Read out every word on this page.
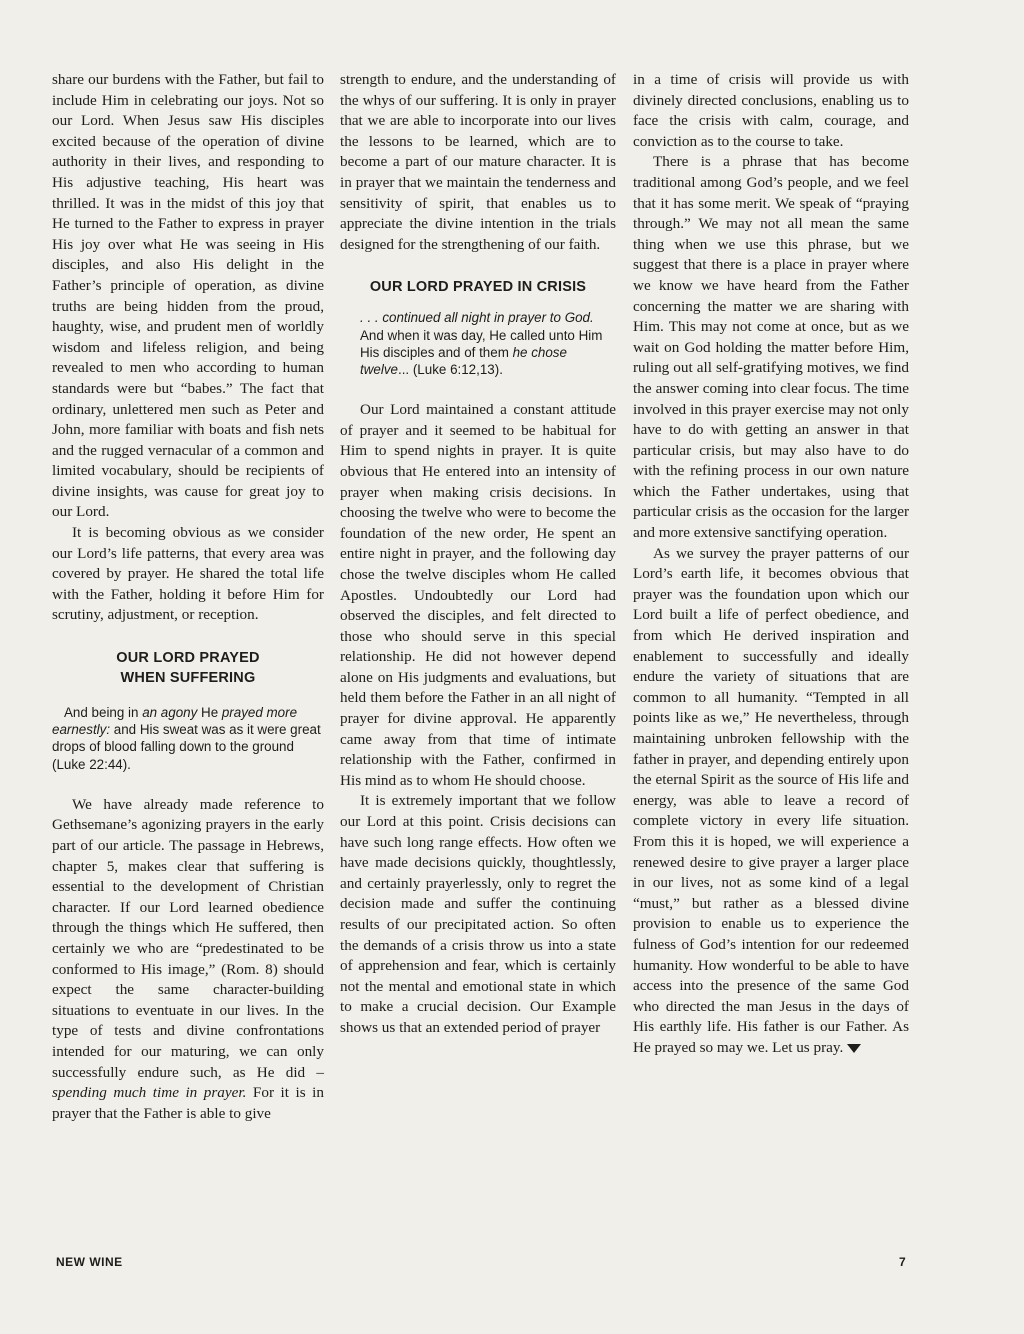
share our burdens with the Father, but fail to include Him in celebrating our joys. Not so our Lord. When Jesus saw His disciples excited because of the operation of divine authority in their lives, and responding to His adjustive teaching, His heart was thrilled. It was in the midst of this joy that He turned to the Father to express in prayer His joy over what He was seeing in His disciples, and also His delight in the Father’s principle of operation, as divine truths are being hidden from the proud, haughty, wise, and prudent men of worldly wisdom and lifeless religion, and being revealed to men who according to human standards were but “babes.” The fact that ordinary, unlettered men such as Peter and John, more familiar with boats and fish nets and the rugged vernacular of a common and limited vocabulary, should be recipients of divine insights, was cause for great joy to our Lord.

It is becoming obvious as we consider our Lord’s life patterns, that every area was covered by prayer. He shared the total life with the Father, holding it before Him for scrutiny, adjustment, or reception.

OUR LORD PRAYED
WHEN SUFFERING

And being in an agony He prayed more earnestly: and His sweat was as it were great drops of blood falling down to the ground (Luke 22:44).

We have already made reference to Gethsemane’s agonizing prayers in the early part of our article. The passage in Hebrews, chapter 5, makes clear that suffering is essential to the development of Christian character. If our Lord learned obedience through the things which He suffered, then certainly we who are “predestinated to be conformed to His image,” (Rom. 8) should expect the same character-building situations to eventuate in our lives. In the type of tests and divine confrontations intended for our maturing, we can only successfully endure such, as He did – spending much time in prayer. For it is in prayer that the Father is able to give

strength to endure, and the understanding of the whys of our suffering. It is only in prayer that we are able to incorporate into our lives the lessons to be learned, which are to become a part of our mature character. It is in prayer that we maintain the tenderness and sensitivity of spirit, that enables us to appreciate the divine intention in the trials designed for the strengthening of our faith.

OUR LORD PRAYED IN CRISIS

. . . continued all night in prayer to God. And when it was day, He called unto Him His disciples and of them he chose twelve... (Luke 6:12,13).

Our Lord maintained a constant attitude of prayer and it seemed to be habitual for Him to spend nights in prayer. It is quite obvious that He entered into an intensity of prayer when making crisis decisions. In choosing the twelve who were to become the foundation of the new order, He spent an entire night in prayer, and the following day chose the twelve disciples whom He called Apostles. Undoubtedly our Lord had observed the disciples, and felt directed to those who should serve in this special relationship. He did not however depend alone on His judgments and evaluations, but held them before the Father in an all night of prayer for divine approval. He apparently came away from that time of intimate relationship with the Father, confirmed in His mind as to whom He should choose.

It is extremely important that we follow our Lord at this point. Crisis decisions can have such long range effects. How often we have made decisions quickly, thoughtlessly, and certainly prayerlessly, only to regret the decision made and suffer the continuing results of our precipitated action. So often the demands of a crisis throw us into a state of apprehension and fear, which is certainly not the mental and emotional state in which to make a crucial decision. Our Example shows us that an extended period of prayer

in a time of crisis will provide us with divinely directed conclusions, enabling us to face the crisis with calm, courage, and conviction as to the course to take.

There is a phrase that has become traditional among God’s people, and we feel that it has some merit. We speak of “praying through.” We may not all mean the same thing when we use this phrase, but we suggest that there is a place in prayer where we know we have heard from the Father concerning the matter we are sharing with Him. This may not come at once, but as we wait on God holding the matter before Him, ruling out all self-gratifying motives, we find the answer coming into clear focus. The time involved in this prayer exercise may not only have to do with getting an answer in that particular crisis, but may also have to do with the refining process in our own nature which the Father undertakes, using that particular crisis as the occasion for the larger and more extensive sanctifying operation.

As we survey the prayer patterns of our Lord’s earth life, it becomes obvious that prayer was the foundation upon which our Lord built a life of perfect obedience, and from which He derived inspiration and enablement to successfully and ideally endure the variety of situations that are common to all humanity. “Tempted in all points like as we,” He nevertheless, through maintaining unbroken fellowship with the father in prayer, and depending entirely upon the eternal Spirit as the source of His life and energy, was able to leave a record of complete victory in every life situation. From this it is hoped, we will experience a renewed desire to give prayer a larger place in our lives, not as some kind of a legal “must,” but rather as a blessed divine provision to enable us to experience the fulness of God’s intention for our redeemed humanity. How wonderful to be able to have access into the presence of the same God who directed the man Jesus in the days of His earthly life. His father is our Father. As He prayed so may we. Let us pray.

NEW WINE	7
